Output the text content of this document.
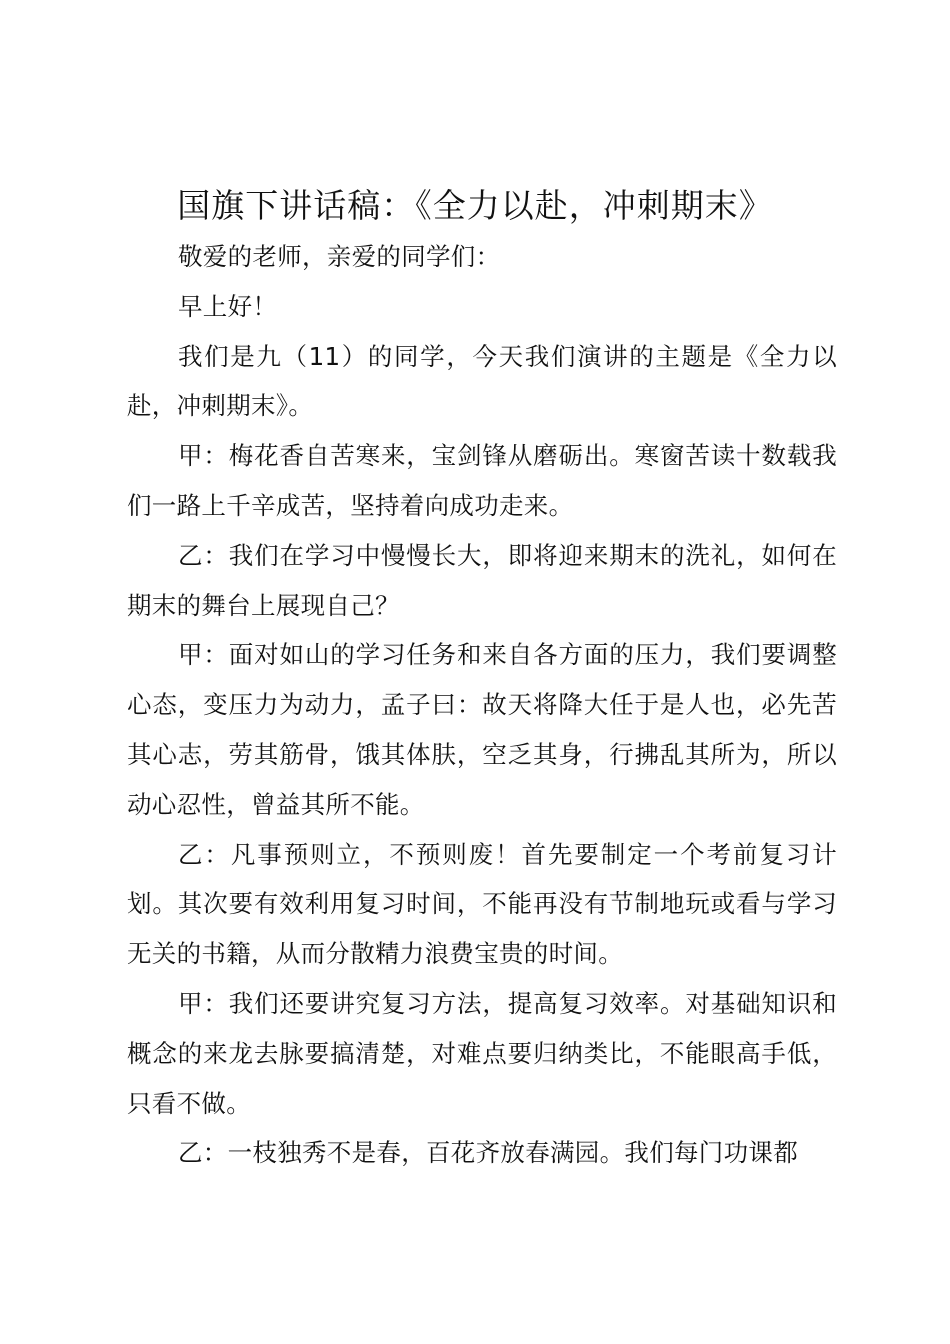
国旗下讲话稿：《全力以赴，冲刺期末》

敬爱的老师，亲爱的同学们：

早上好！

我们是九（11）的同学，今天我们演讲的主题是《全力以赴，冲刺期末》。

甲：梅花香自苦寒来，宝剑锋从磨砺出。寒窗苦读十数载我们一路上千辛成苦，坚持着向成功走来。

乙：我们在学习中慢慢长大，即将迎来期末的洗礼，如何在期末的舞台上展现自己？

甲：面对如山的学习任务和来自各方面的压力，我们要调整心态，变压力为动力，孟子曰：故天将降大任于是人也，必先苦其心志，劳其筋骨，饿其体肤，空乏其身，行拂乱其所为，所以动心忍性，曾益其所不能。

乙：凡事预则立，不预则废！首先要制定一个考前复习计划。其次要有效利用复习时间，不能再没有节制地玩或看与学习无关的书籍，从而分散精力浪费宝贵的时间。

甲：我们还要讲究复习方法，提高复习效率。对基础知识和概念的来龙去脉要搞清楚，对难点要归纳类比，不能眼高手低，只看不做。

乙：一枝独秀不是春，百花齐放春满园。我们每门功课都
